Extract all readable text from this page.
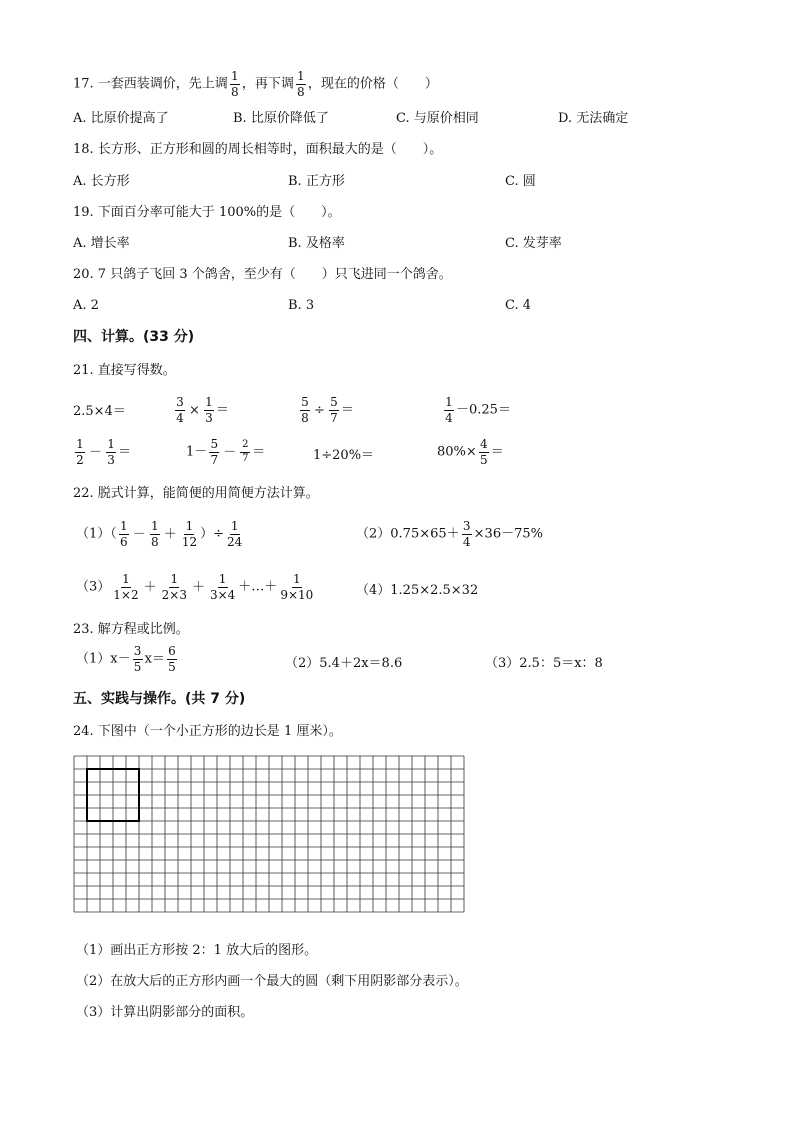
17. 一套西装调价，先上调 $\frac{1}{8}$ ，再下调 $\frac{1}{8}$ ，现在的价格（　　）
A. 比原价提高了	B. 比原价降低了	C. 与原价相同	D. 无法确定
18. 长方形、正方形和圆的周长相等时，面积最大的是（　　）。
A. 长方形	B. 正方形	C. 圆
19. 下面百分率可能大于 100%的是（　　）。
A. 增长率	B. 及格率	C. 发芽率
20. 7 只鸽子飞回 3 个鸽舍，至少有（　　）只飞进同一个鸽舍。
A. 2	B. 3	C. 4
四、计算。(33 分)
21. 直接写得数。
2.5×4＝	$\frac{3}{4} \times \frac{1}{3}$ ＝	$\frac{5}{8} \div \frac{5}{7}$ ＝	$\frac{1}{4} -0.25=$
$\frac{1}{2} - \frac{1}{3}$ ＝	$1- \frac{5}{7} - \frac{2}{7}$ ＝	1÷20%＝	$80\%\times \frac{4}{5}$ ＝
22. 脱式计算，能简便的用简便方法计算。
$(1)( \frac{1}{6} - \frac{1}{8} + \frac{1}{12}$ ）÷ $\frac{1}{24}$	$(2)0.75\times 65+ \frac{3}{4} \times 36-75\%$
$(3) \frac{1}{1\times 2} + \frac{1}{2\times 3} + \frac{1}{3\times 4}$ ＋…＋ $\frac{1}{9\times 10}$	（4）1.25×2.5×32
23. 解方程或比例。
$(1)x- \frac{3}{5} x= \frac{6}{5}$	（2）5.4＋2x＝8.6	（3）2.5：5＝x：8
五、实践与操作。(共 7 分)
24. 下图中（一个小正方形的边长是 1 厘米）。
（1）画出正方形按 2：1 放大后的图形。
（2）在放大后的正方形内画一个最大的圆（剩下用阴影部分表示）。
（3）计算出阴影部分的面积。
